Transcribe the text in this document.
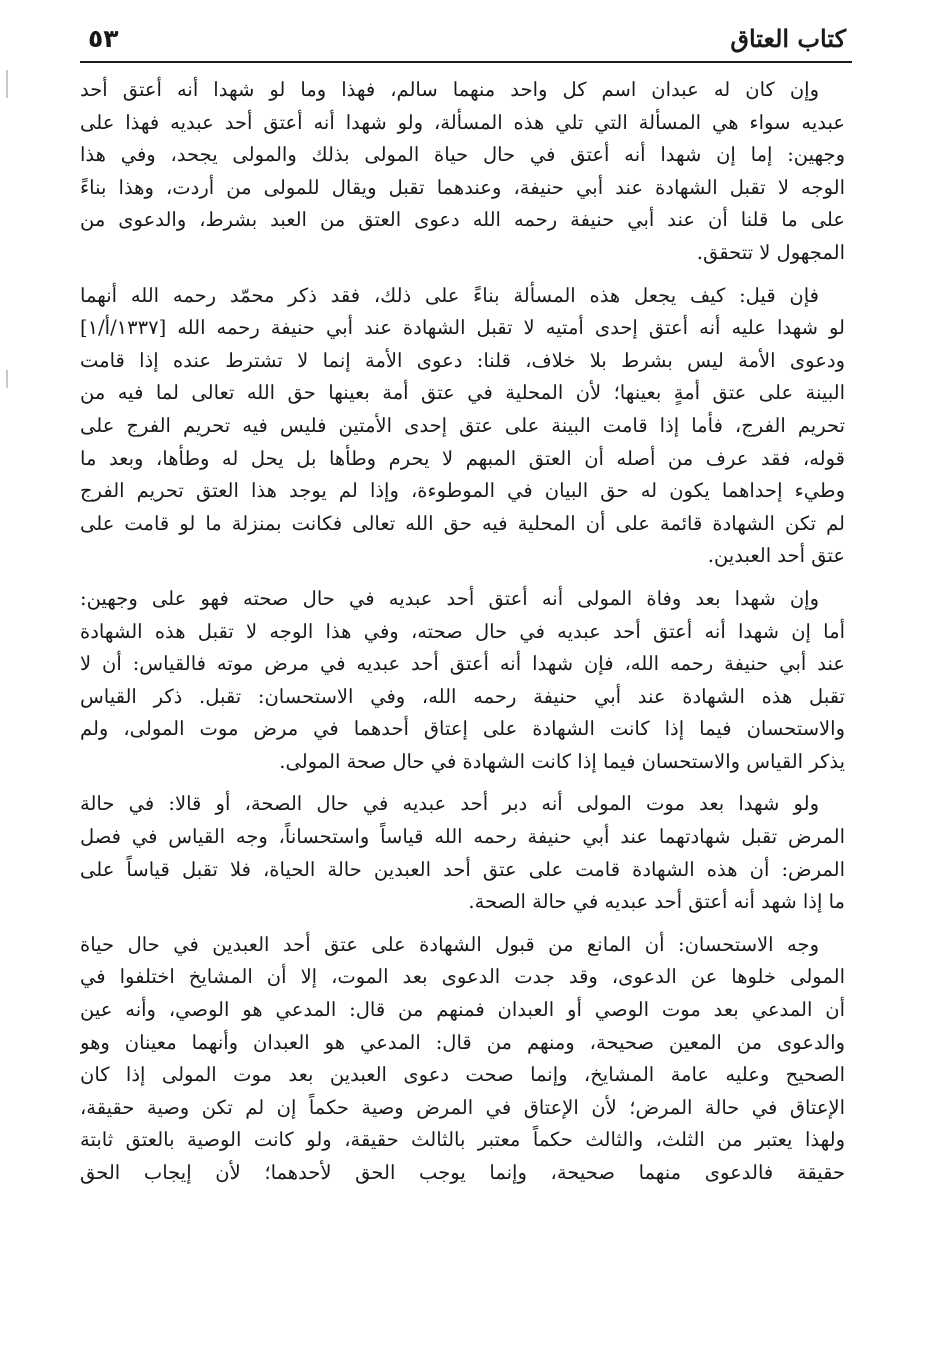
٥٣	كتاب العتاق
وإن كان له عبدان اسم كل واحد منهما سالم، فهذا وما لو شهدا أنه أعتق أحد
عبديه سواء هي المسألة التي تلي هذه المسألة، ولو شهدا أنه أعتق أحد عبديه فهذا على
وجهين: إما إن شهدا أنه أعتق في حال حياة المولى بذلك والمولى يجحد، وفي هذا
الوجه لا تقبل الشهادة عند أبي حنيفة، وعندهما تقبل ويقال للمولى من أردت، وهذا بناءً
على ما قلنا أن عند أبي حنيفة رحمه الله دعوى العتق من العبد بشرط، والدعوى من
المجهول لا تتحقق.
فإن قيل: كيف يجعل هذه المسألة بناءً على ذلك، فقد ذكر محمّد رحمه الله أنهما
لو شهدا عليه أنه أعتق إحدى أمتيه لا تقبل الشهادة عند أبي حنيفة رحمه الله [١٣٣٧/أ/١]
ودعوى الأمة ليس بشرط بلا خلاف، قلنا: دعوى الأمة إنما لا تشترط عنده إذا قامت
البينة على عتق أمةٍ بعينها؛ لأن المحلية في عتق أمة بعينها حق الله تعالى لما فيه من
تحريم الفرج، فأما إذا قامت البينة على عتق إحدى الأمتين فليس فيه تحريم الفرج على
قوله، فقد عرف من أصله أن العتق المبهم لا يحرم وطأها بل يحل له وطأها، وبعد ما
وطيء إحداهما يكون له حق البيان في الموطوءة، وإذا لم يوجد هذا العتق تحريم الفرج
لم تكن الشهادة قائمة على أن المحلية فيه حق الله تعالى فكانت بمنزلة ما لو قامت على
عتق أحد العبدين.
وإن شهدا بعد وفاة المولى أنه أعتق أحد عبديه في حال صحته فهو على وجهين:
أما إن شهدا أنه أعتق أحد عبديه في حال صحته، وفي هذا الوجه لا تقبل هذه الشهادة
عند أبي حنيفة رحمه الله، فإن شهدا أنه أعتق أحد عبديه في مرض موته فالقياس: أن لا
تقبل هذه الشهادة عند أبي حنيفة رحمه الله، وفي الاستحسان: تقبل. ذكر القياس
والاستحسان فيما إذا كانت الشهادة على إعتاق أحدهما في مرض موت المولى، ولم
يذكر القياس والاستحسان فيما إذا كانت الشهادة في حال صحة المولى.
ولو شهدا بعد موت المولى أنه دبر أحد عبديه في حال الصحة، أو قالا: في حالة
المرض تقبل شهادتهما عند أبي حنيفة رحمه الله قياساً واستحساناً، وجه القياس في فصل
المرض: أن هذه الشهادة قامت على عتق أحد العبدين حالة الحياة، فلا تقبل قياساً على
ما إذا شهد أنه أعتق أحد عبديه في حالة الصحة.
وجه الاستحسان: أن المانع من قبول الشهادة على عتق أحد العبدين في حال حياة
المولى خلوها عن الدعوى، وقد جدت الدعوى بعد الموت، إلا أن المشايخ اختلفوا في
أن المدعي بعد موت الوصي أو العبدان فمنهم من قال: المدعي هو الوصي، وأنه عين
والدعوى من المعين صحيحة، ومنهم من قال: المدعي هو العبدان وأنهما معينان وهو
الصحيح وعليه عامة المشايخ، وإنما صحت دعوى العبدين بعد موت المولى إذا كان
الإعتاق في حالة المرض؛ لأن الإعتاق في المرض وصية حكماً إن لم تكن وصية حقيقة،
ولهذا يعتبر من الثلث، والثالث حكماً معتبر بالثالث حقيقة، ولو كانت الوصية بالعتق ثابتة
حقيقة فالدعوى منهما صحيحة، وإنما يوجب الحق لأحدهما؛ لأن إيجاب الحق
